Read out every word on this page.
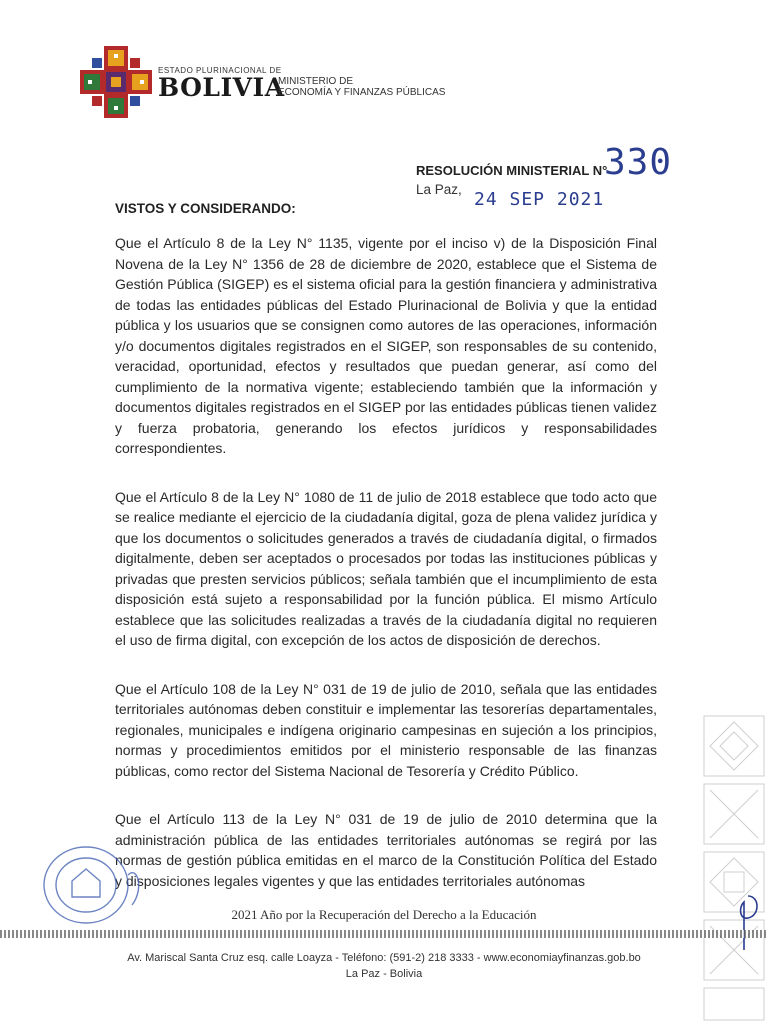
ESTADO PLURINACIONAL DE
BOLIVIA
MINISTERIO DE
ECONOMÍA Y FINANZAS PÚBLICAS
RESOLUCIÓN MINISTERIAL N°
330
La Paz, 24 SEP 2021
VISTOS Y CONSIDERANDO:

Que el Artículo 8 de la Ley N° 1135, vigente por el inciso v) de la Disposición Final Novena de la Ley N° 1356 de 28 de diciembre de 2020, establece que el Sistema de Gestión Pública (SIGEP) es el sistema oficial para la gestión financiera y administrativa de todas las entidades públicas del Estado Plurinacional de Bolivia y que la entidad pública y los usuarios que se consignen como autores de las operaciones, información y/o documentos digitales registrados en el SIGEP, son responsables de su contenido, veracidad, oportunidad, efectos y resultados que puedan generar, así como del cumplimiento de la normativa vigente; estableciendo también que la información y documentos digitales registrados en el SIGEP por las entidades públicas tienen validez y fuerza probatoria, generando los efectos jurídicos y responsabilidades correspondientes.

Que el Artículo 8 de la Ley N° 1080 de 11 de julio de 2018 establece que todo acto que se realice mediante el ejercicio de la ciudadanía digital, goza de plena validez jurídica y que los documentos o solicitudes generados a través de ciudadanía digital, o firmados digitalmente, deben ser aceptados o procesados por todas las instituciones públicas y privadas que presten servicios públicos; señala también que el incumplimiento de esta disposición está sujeto a responsabilidad por la función pública. El mismo Artículo establece que las solicitudes realizadas a través de la ciudadanía digital no requieren el uso de firma digital, con excepción de los actos de disposición de derechos.

Que el Artículo 108 de la Ley N° 031 de 19 de julio de 2010, señala que las entidades territoriales autónomas deben constituir e implementar las tesorerías departamentales, regionales, municipales e indígena originario campesinas en sujeción a los principios, normas y procedimientos emitidos por el ministerio responsable de las finanzas públicas, como rector del Sistema Nacional de Tesorería y Crédito Público.

Que el Artículo 113 de la Ley N° 031 de 19 de julio de 2010 determina que la administración pública de las entidades territoriales autónomas se regirá por las normas de gestión pública emitidas en el marco de la Constitución Política del Estado y disposiciones legales vigentes y que las entidades territoriales autónomas

2021 Año por la Recuperación del Derecho a la Educación
Av. Mariscal Santa Cruz esq. calle Loayza - Teléfono: (591-2) 218 3333 - www.economiayfinanzas.gob.bo
La Paz - Bolivia
